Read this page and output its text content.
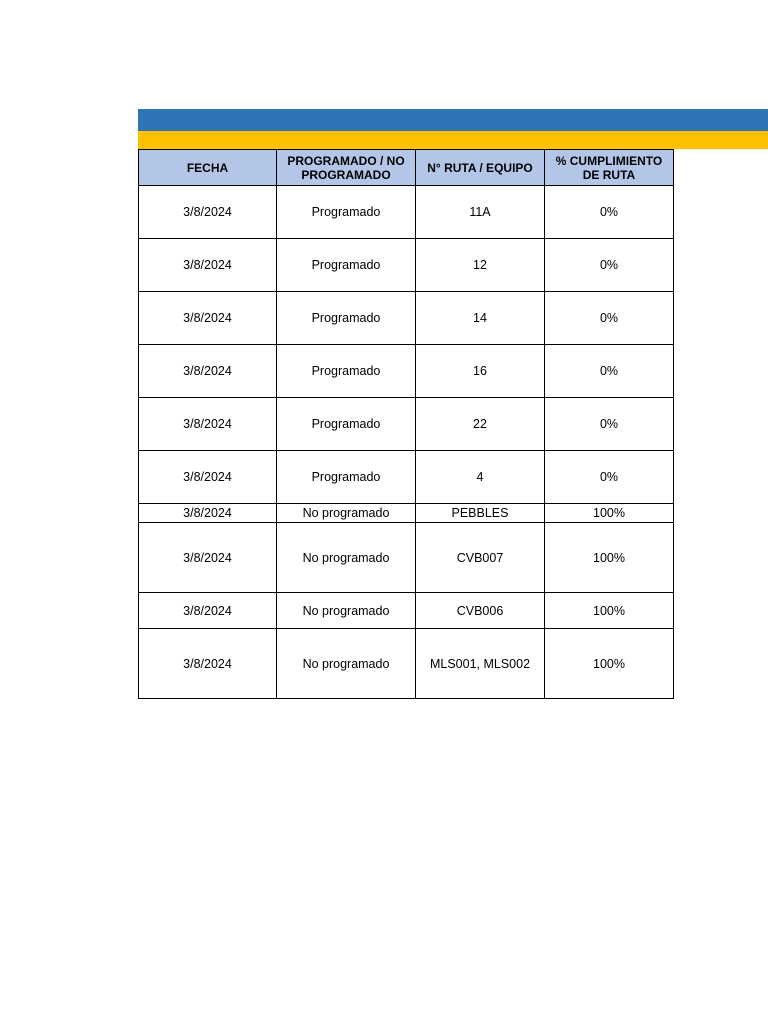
FECHA	PROGRAMADO / NO PROGRAMADO	N° RUTA / EQUIPO	% CUMPLIMIENTO DE RUTA
3/8/2024	Programado	11A	0%
3/8/2024	Programado	12	0%
3/8/2024	Programado	14	0%
3/8/2024	Programado	16	0%
3/8/2024	Programado	22	0%
3/8/2024	Programado	4	0%
3/8/2024	No programado	PEBBLES	100%
3/8/2024	No programado	CVB007	100%
3/8/2024	No programado	CVB006	100%
3/8/2024	No programado	MLS001, MLS002	100%
